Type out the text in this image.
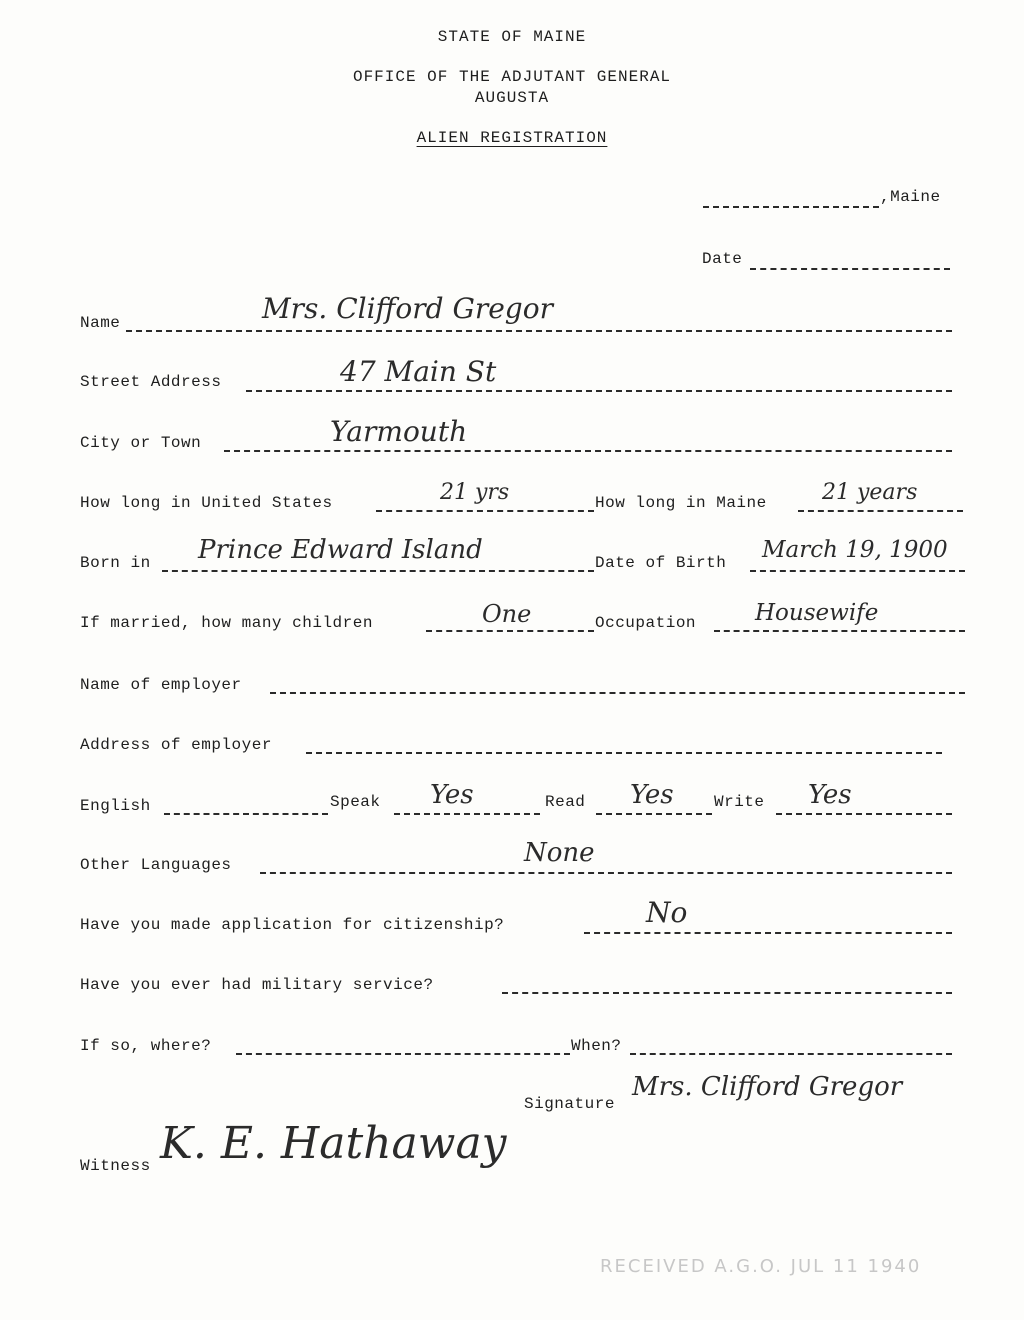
STATE OF MAINE
OFFICE OF THE ADJUTANT GENERAL
AUGUSTA
ALIEN REGISTRATION
,Maine
Date
Name	Mrs. Clifford Gregor
Street Address	47 Main St
City or Town	Yarmouth
How long in United States	21 yrs	How long in Maine	21 years
Born in Prince Edward Island	Date of Birth March 19, 1900
If married, how many children	One	Occupation	Housewife
Name of employer
Address of employer
English	Speak Yes	Read Yes	Write Yes
Other Languages	None
Have you made application for citizenship?	No
Have you ever had military service?
If so, where?	When?
Signature
Mrs. Clifford Gregor
Witness K. E. Hathaway
RECEIVED A.G.O. JUL 11 1940
